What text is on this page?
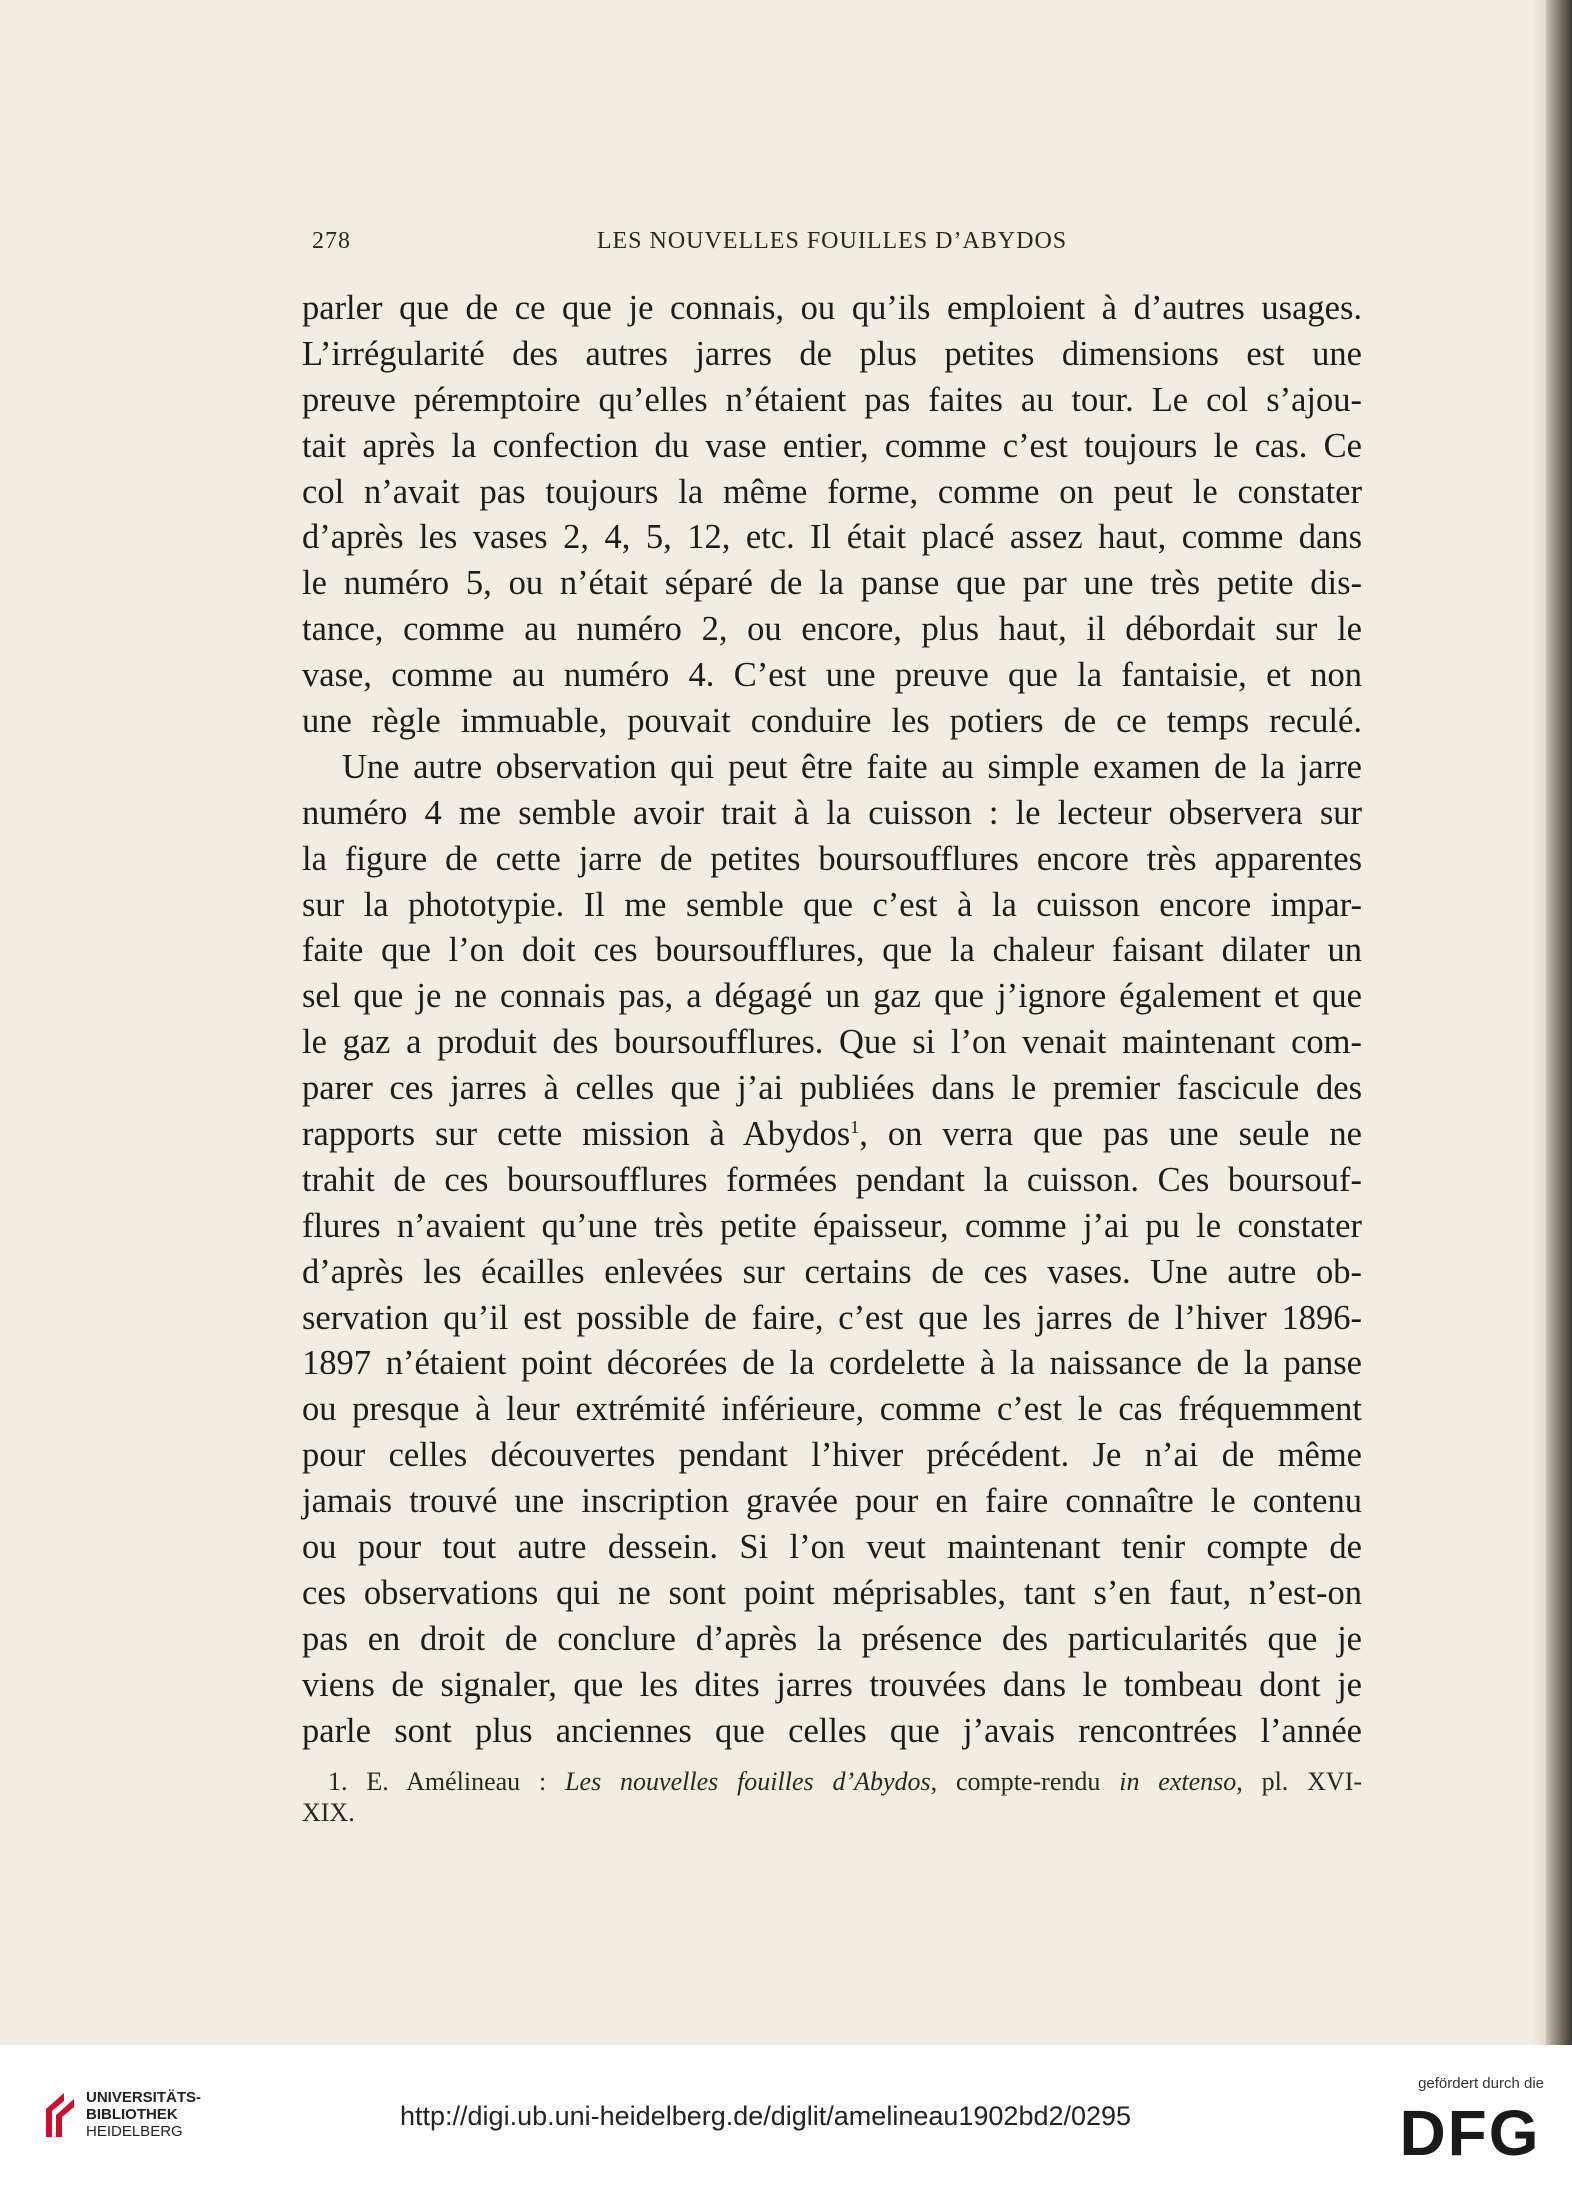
278	LES NOUVELLES FOUILLES D’ABYDOS
parler que de ce que je connais, ou qu’ils emploient à d’autres usages.
L’irrégularité des autres jarres de plus petites dimensions est une
preuve péremptoire qu’elles n’étaient pas faites au tour. Le col s’ajou-
tait après la confection du vase entier, comme c’est toujours le cas. Ce
col n’avait pas toujours la même forme, comme on peut le constater
d’après les vases 2, 4, 5, 12, etc. Il était placé assez haut, comme dans
le numéro 5, ou n’était séparé de la panse que par une très petite dis-
tance, comme au numéro 2, ou encore, plus haut, il débordait sur le
vase, comme au numéro 4. C’est une preuve que la fantaisie, et non
une règle immuable, pouvait conduire les potiers de ce temps reculé.
Une autre observation qui peut être faite au simple examen de la jarre
numéro 4 me semble avoir trait à la cuisson : le lecteur observera sur
la figure de cette jarre de petites boursoufflures encore très apparentes
sur la phototypie. Il me semble que c’est à la cuisson encore impar-
faite que l’on doit ces boursoufflures, que la chaleur faisant dilater un
sel que je ne connais pas, a dégagé un gaz que j’ignore également et que
le gaz a produit des boursoufflures. Que si l’on venait maintenant com-
parer ces jarres à celles que j’ai publiées dans le premier fascicule des
rapports sur cette mission à Abydos$^1$, on verra que pas une seule ne
trahit de ces boursoufflures formées pendant la cuisson. Ces boursouf-
flures n’avaient qu’une très petite épaisseur, comme j’ai pu le constater
d’après les écailles enlevées sur certains de ces vases. Une autre ob-
servation qu’il est possible de faire, c’est que les jarres de l’hiver 1896-
1897 n’étaient point décorées de la cordelette à la naissance de la panse
ou presque à leur extrémité inférieure, comme c’est le cas fréquemment
pour celles découvertes pendant l’hiver précédent. Je n’ai de même
jamais trouvé une inscription gravée pour en faire connaître le contenu
ou pour tout autre dessein. Si l’on veut maintenant tenir compte de
ces observations qui ne sont point méprisables, tant s’en faut, n’est-on
pas en droit de conclure d’après la présence des particularités que je
viens de signaler, que les dites jarres trouvées dans le tombeau dont je
parle sont plus anciennes que celles que j’avais rencontrées l’année
1. E. Amélineau : Les nouvelles fouilles d’Abydos, compte-rendu in extenso, pl. XVI-
XIX.
UNIVERSITÄTS-
BIBLIOTHEK
HEIDELBERG
http://digi.ub.uni-heidelberg.de/diglit/amelineau1902bd2/0295
gefördert durch die
DFG
